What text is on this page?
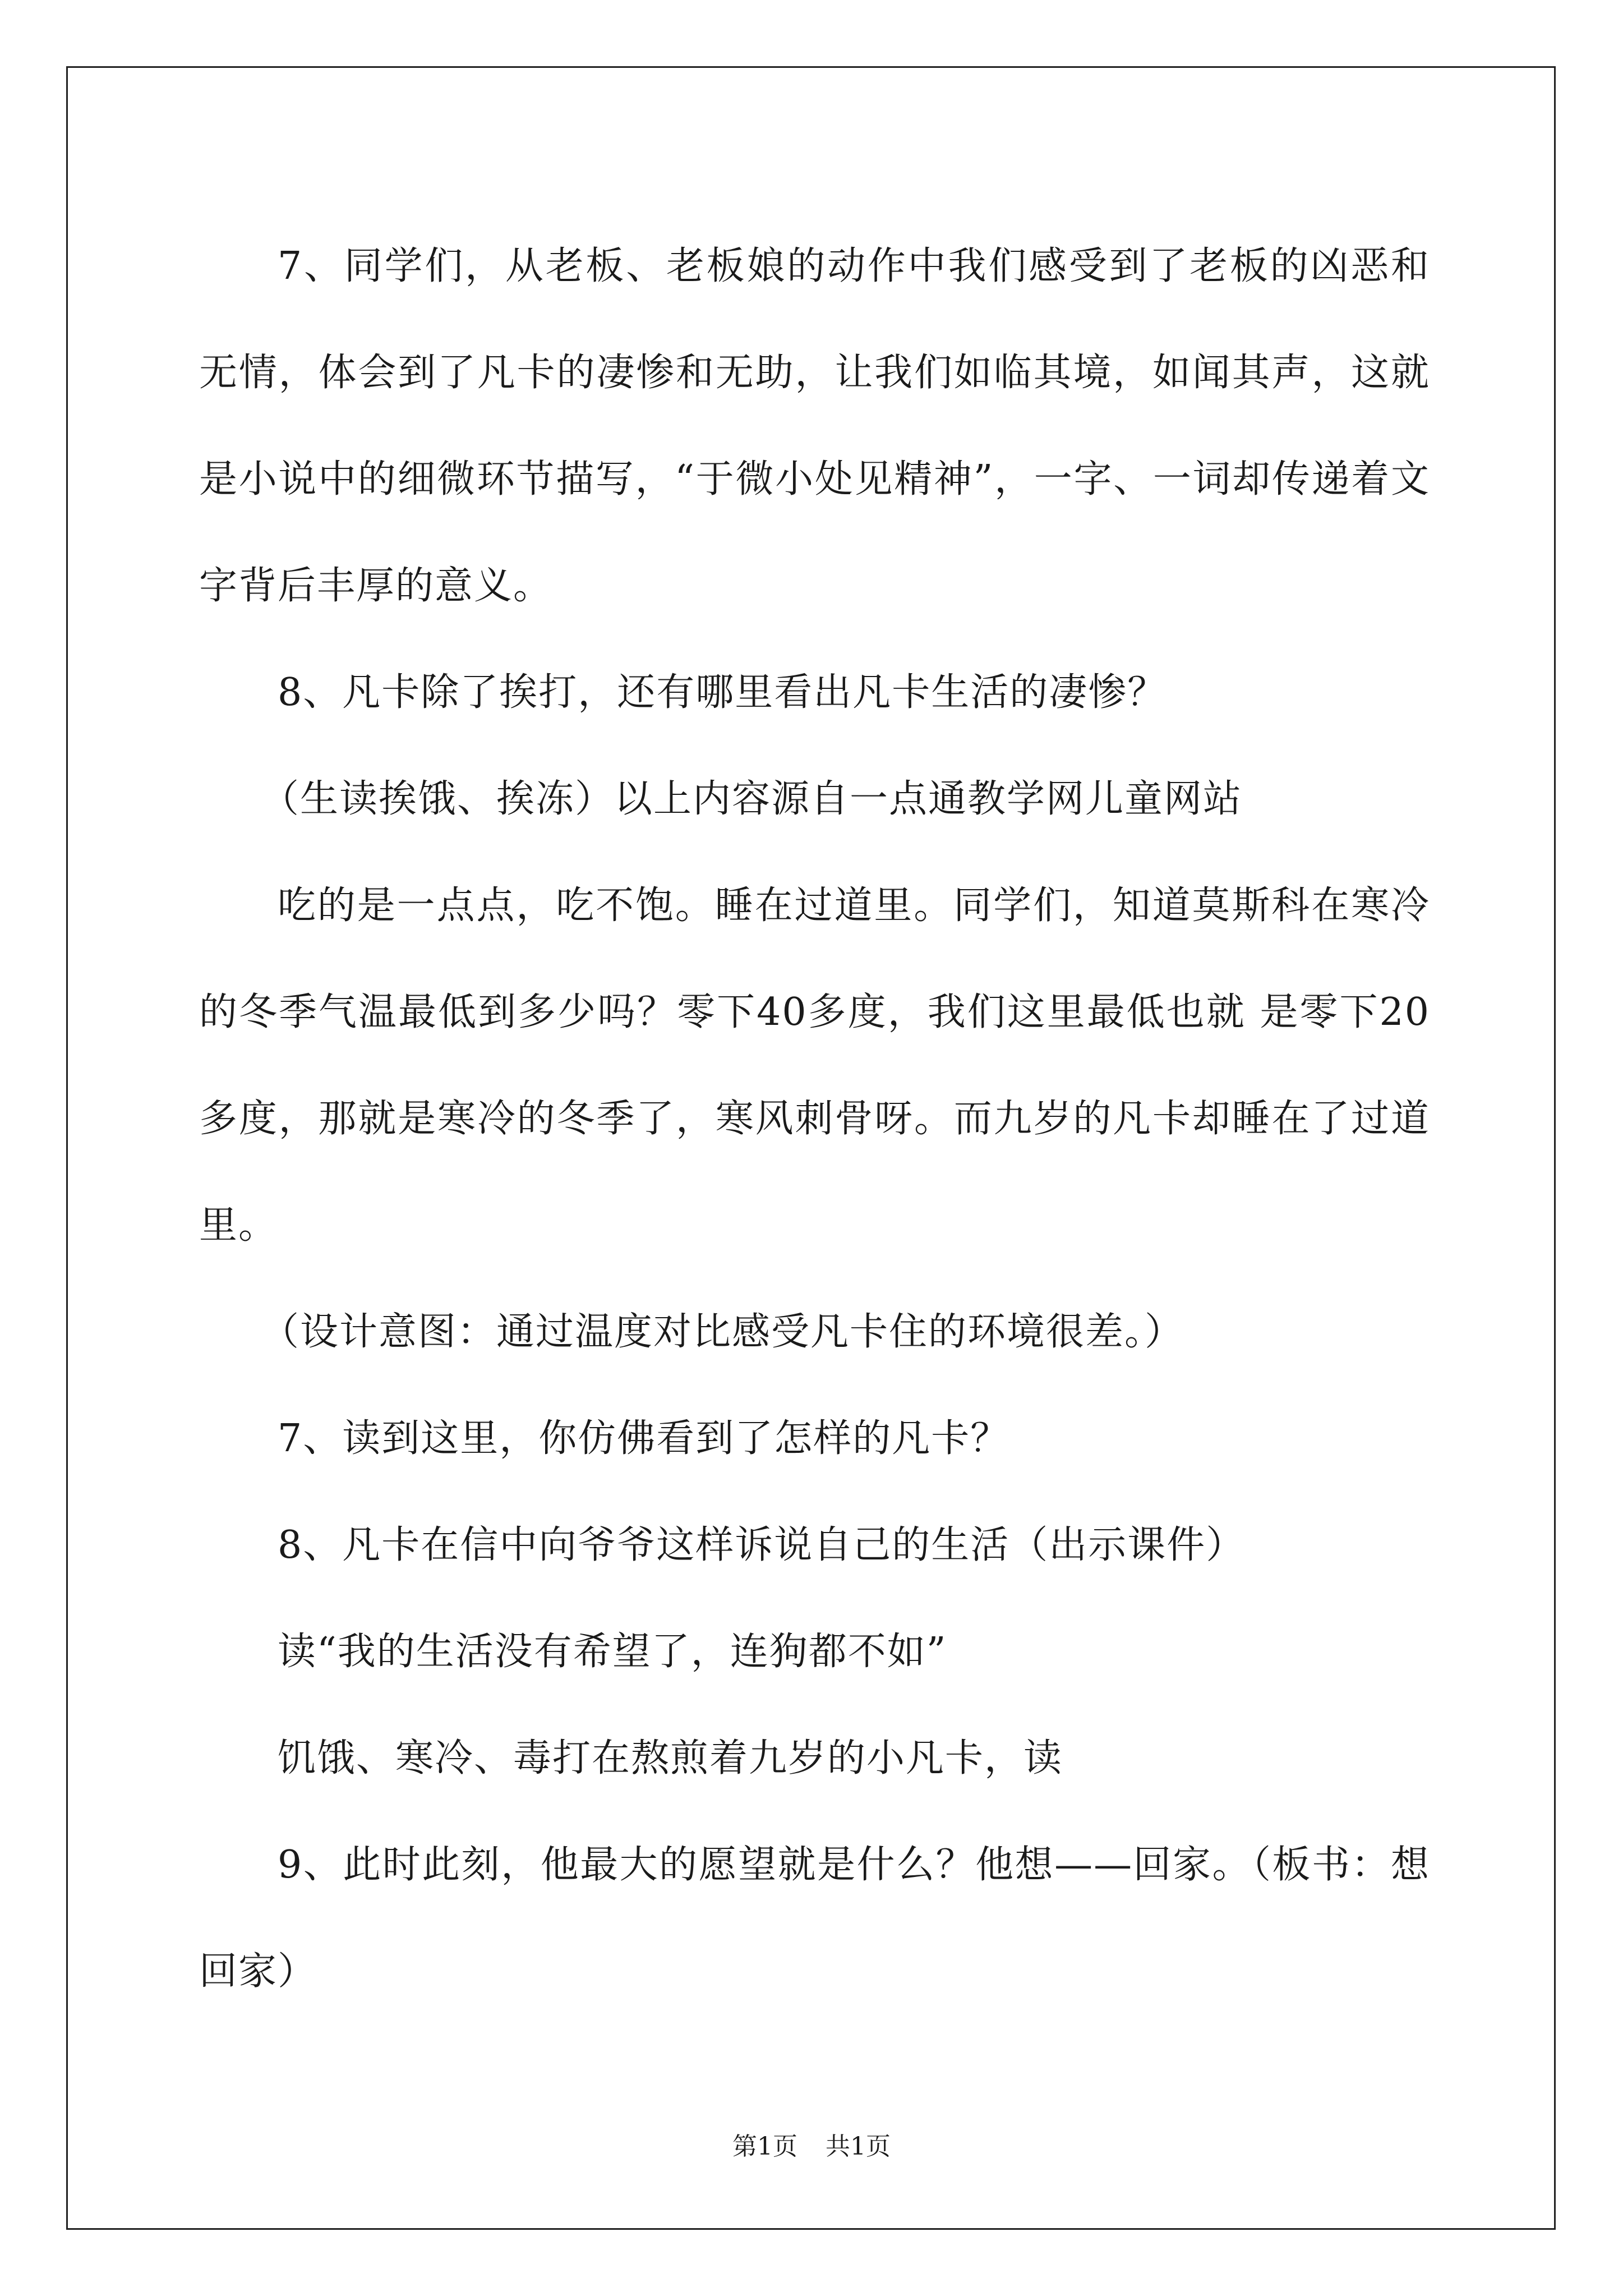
7、同学们，从老板、老板娘的动作中我们感受到了老板的凶恶和无情，体会到了凡卡的凄惨和无助，让我们如临其境，如闻其声，这就是小说中的细微环节描写，“于微小处见精神”，一字、一词却传递着文字背后丰厚的意义。

8、凡卡除了挨打，还有哪里看出凡卡生活的凄惨？

（生读挨饿、挨冻）以上内容源自一点通教学网儿童网站

吃的是一点点，吃不饱。睡在过道里。同学们，知道莫斯科在寒冷的冬季气温最低到多少吗？零下40多度，我们这里最低也就 是零下20多度，那就是寒冷的冬季了，寒风刺骨呀。而九岁的凡卡却睡在了过道里。

（设计意图：通过温度对比感受凡卡住的环境很差。）

7、读到这里，你仿佛看到了怎样的凡卡？

8、凡卡在信中向爷爷这样诉说自己的生活（出示课件）

读“我的生活没有希望了，连狗都不如”

饥饿、寒冷、毒打在熬煎着九岁的小凡卡，读

9、此时此刻，他最大的愿望就是什么？他想——回家。（板书：想回家）

第1页 共1页
